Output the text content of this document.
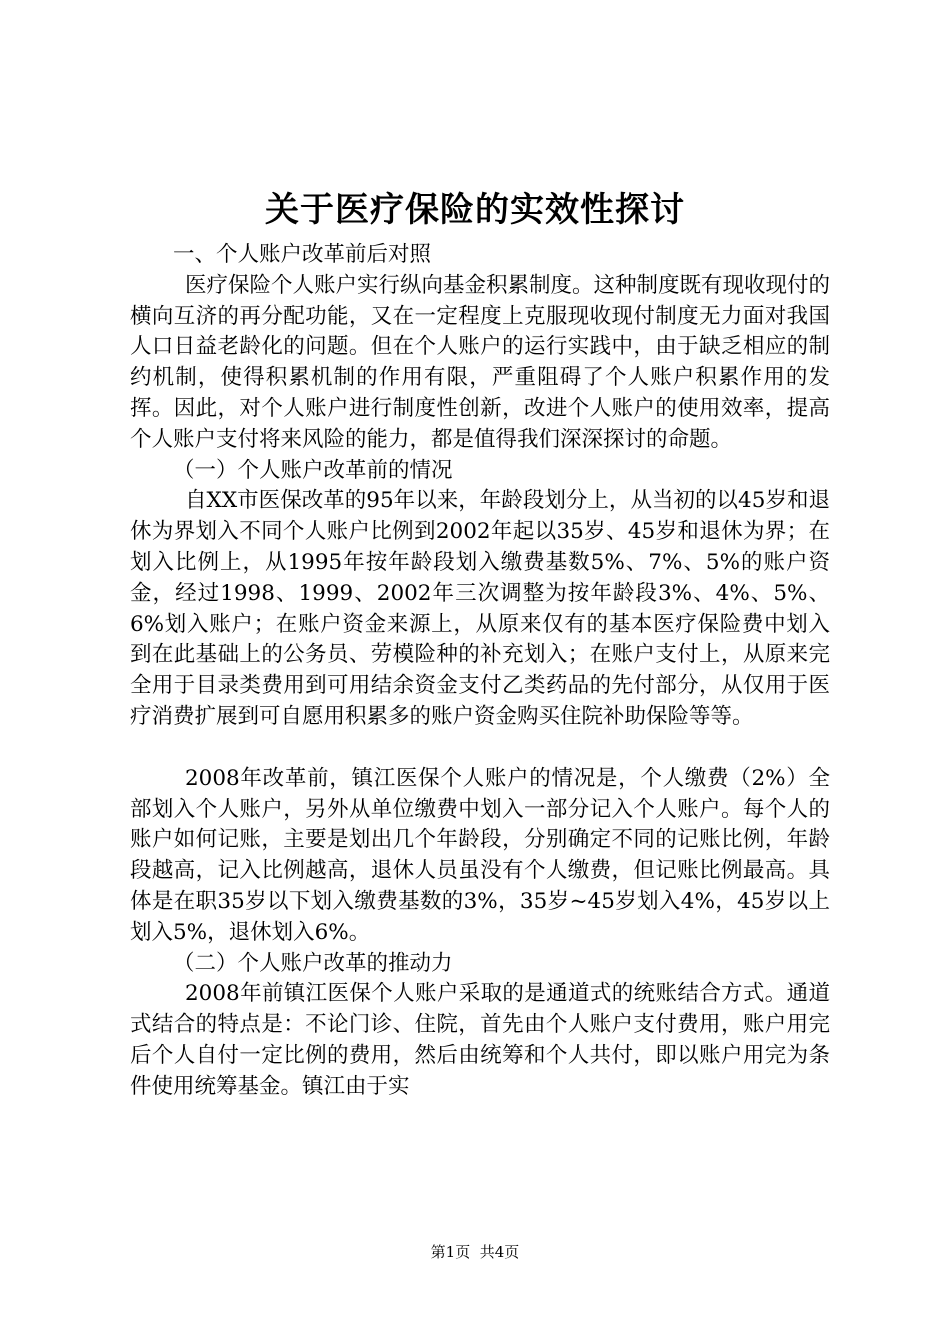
关于医疗保险的实效性探讨

一、个人账户改革前后对照

医疗保险个人账户实行纵向基金积累制度。这种制度既有现收现付的横向互济的再分配功能，又在一定程度上克服现收现付制度无力面对我国人口日益老龄化的问题。但在个人账户的运行实践中，由于缺乏相应的制约机制，使得积累机制的作用有限，严重阻碍了个人账户积累作用的发挥。因此，对个人账户进行制度性创新，改进个人账户的使用效率，提高个人账户支付将来风险的能力，都是值得我们深深探讨的命题。

（一）个人账户改革前的情况

自XX市医保改革的95年以来，年龄段划分上，从当初的以45岁和退休为界划入不同个人账户比例到2002年起以35岁、45岁和退休为界；在划入比例上，从1995年按年龄段划入缴费基数5%、7%、5%的账户资金，经过1998、1999、2002年三次调整为按年龄段3%、4%、5%、6%划入账户；在账户资金来源上，从原来仅有的基本医疗保险费中划入到在此基础上的公务员、劳模险种的补充划入；在账户支付上，从原来完全用于目录类费用到可用结余资金支付乙类药品的先付部分，从仅用于医疗消费扩展到可自愿用积累多的账户资金购买住院补助保险等等。

2008年改革前，镇江医保个人账户的情况是，个人缴费（2%）全部划入个人账户，另外从单位缴费中划入一部分记入个人账户。每个人的账户如何记账，主要是划出几个年龄段，分别确定不同的记账比例，年龄段越高，记入比例越高，退休人员虽没有个人缴费，但记账比例最高。具体是在职35岁以下划入缴费基数的3%，35岁~45岁划入4%，45岁以上划入5%，退休划入6%。

（二）个人账户改革的推动力

2008年前镇江医保个人账户采取的是通道式的统账结合方式。通道式结合的特点是：不论门诊、住院，首先由个人账户支付费用，账户用完后个人自付一定比例的费用，然后由统筹和个人共付，即以账户用完为条件使用统筹基金。镇江由于实

第1页 共4页
